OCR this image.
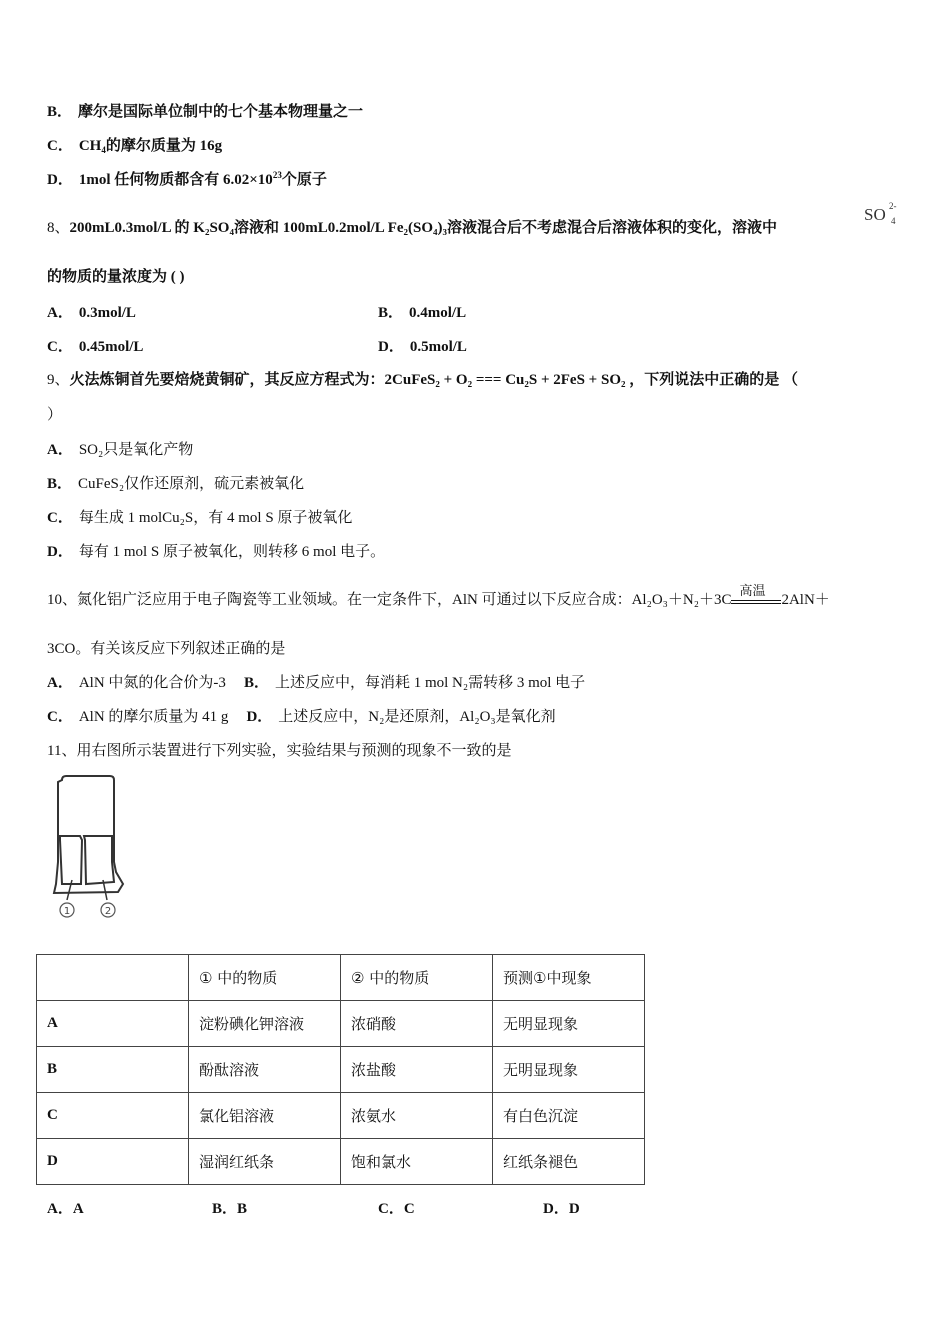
B． 摩尔是国际单位制中的七个基本物理量之一
C． $CH_4$的摩尔质量为 16g
D． 1mol 任何物质都含有 $6.02\times 10^{23}$个原子
8、200mL0.3mol/L 的 K₂SO₄溶液和 100mL0.2mol/L Fe₂(SO₄)₃溶液混合后不考虑混合后溶液体积的变化，溶液中
SO 2-
4
的物质的量浓度为 ( )
A． 0.3mol/L	B． 0.4mol/L
C． 0.45mol/L	D． 0.5mol/L
9、火法炼铜首先要焙烧黄铜矿，其反应方程式为：2CuFeS₂ + O₂ === Cu₂S + 2FeS + SO₂ ，下列说法中正确的是 （
）
A． SO₂只是氧化产物
B． CuFeS₂仅作还原剂，硫元素被氧化
C． 每生成 1 molCu₂S，有 4 mol S 原子被氧化
D． 每有 1 mol S 原子被氧化，则转移 6 mol 电子。
10、氮化铝广泛应用于电子陶瓷等工业领域。在一定条件下，AlN 可通过以下反应合成：Al₂O₃＋N₂＋3C
高温
2AlN＋
3CO。有关该反应下列叙述正确的是
A． AlN 中氮的化合价为-3 B． 上述反应中，每消耗 1 mol N₂需转移 3 mol 电子
C． AlN 的摩尔质量为 41 g D． 上述反应中，N₂是还原剂，Al₂O₃是氧化剂
11、用右图所示装置进行下列实验，实验结果与预测的现象不一致的是
1	2
	① 中的物质	② 中的物质	预测①中现象
A	淀粉碘化钾溶液	浓硝酸	无明显现象
B	酚酞溶液	浓盐酸	无明显现象
C	氯化铝溶液	浓氨水	有白色沉淀
D	湿润红纸条	饱和氯水	红纸条褪色
A．A	B．B	C．C	D．D
